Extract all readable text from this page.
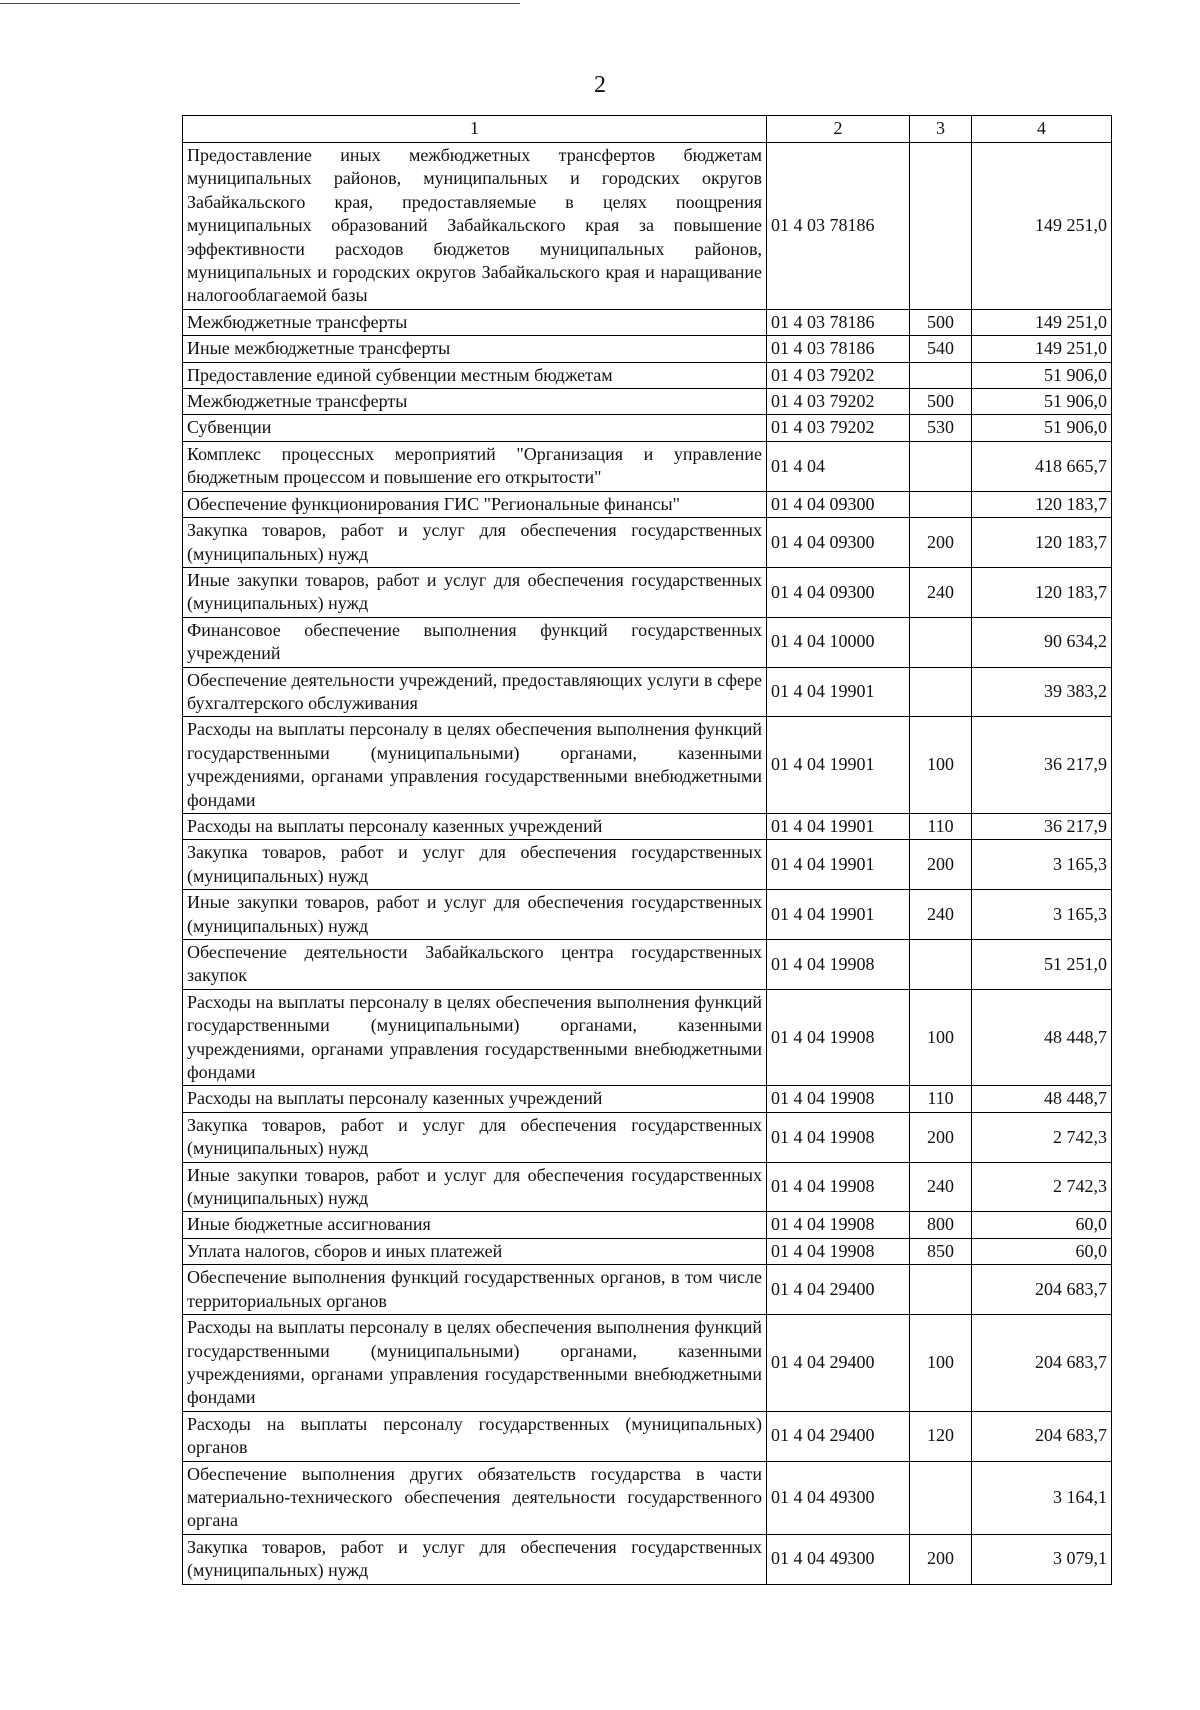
2
1	2	3	4
Предоставление иных межбюджетных трансфертов бюджетам муниципальных районов, муниципальных и городских округов Забайкальского края, предоставляемые в целях поощрения муниципальных образований Забайкальского края за повышение эффективности расходов бюджетов муниципальных районов, муниципальных и городских округов Забайкальского края и наращивание налогооблагаемой базы	01 4 03 78186		149 251,0
Межбюджетные трансферты	01 4 03 78186	500	149 251,0
Иные межбюджетные трансферты	01 4 03 78186	540	149 251,0
Предоставление единой субвенции местным бюджетам	01 4 03 79202		51 906,0
Межбюджетные трансферты	01 4 03 79202	500	51 906,0
Субвенции	01 4 03 79202	530	51 906,0
Комплекс процессных мероприятий "Организация и управление бюджетным процессом и повышение его открытости"	01 4 04		418 665,7
Обеспечение функционирования ГИС "Региональные финансы"	01 4 04 09300		120 183,7
Закупка товаров, работ и услуг для обеспечения государственных (муниципальных) нужд	01 4 04 09300	200	120 183,7
Иные закупки товаров, работ и услуг для обеспечения государственных (муниципальных) нужд	01 4 04 09300	240	120 183,7
Финансовое обеспечение выполнения функций государственных учреждений	01 4 04 10000		90 634,2
Обеспечение деятельности учреждений, предоставляющих услуги в сфере бухгалтерского обслуживания	01 4 04 19901		39 383,2
Расходы на выплаты персоналу в целях обеспечения выполнения функций государственными (муниципальными) органами, казенными учреждениями, органами управления государственными внебюджетными фондами	01 4 04 19901	100	36 217,9
Расходы на выплаты персоналу казенных учреждений	01 4 04 19901	110	36 217,9
Закупка товаров, работ и услуг для обеспечения государственных (муниципальных) нужд	01 4 04 19901	200	3 165,3
Иные закупки товаров, работ и услуг для обеспечения государственных (муниципальных) нужд	01 4 04 19901	240	3 165,3
Обеспечение деятельности Забайкальского центра государственных закупок	01 4 04 19908		51 251,0
Расходы на выплаты персоналу в целях обеспечения выполнения функций государственными (муниципальными) органами, казенными учреждениями, органами управления государственными внебюджетными фондами	01 4 04 19908	100	48 448,7
Расходы на выплаты персоналу казенных учреждений	01 4 04 19908	110	48 448,7
Закупка товаров, работ и услуг для обеспечения государственных (муниципальных) нужд	01 4 04 19908	200	2 742,3
Иные закупки товаров, работ и услуг для обеспечения государственных (муниципальных) нужд	01 4 04 19908	240	2 742,3
Иные бюджетные ассигнования	01 4 04 19908	800	60,0
Уплата налогов, сборов и иных платежей	01 4 04 19908	850	60,0
Обеспечение выполнения функций государственных органов, в том числе территориальных органов	01 4 04 29400		204 683,7
Расходы на выплаты персоналу в целях обеспечения выполнения функций государственными (муниципальными) органами, казенными учреждениями, органами управления государственными внебюджетными фондами	01 4 04 29400	100	204 683,7
Расходы на выплаты персоналу государственных (муниципальных) органов	01 4 04 29400	120	204 683,7
Обеспечение выполнения других обязательств государства в части материально-технического обеспечения деятельности государственного органа	01 4 04 49300		3 164,1
Закупка товаров, работ и услуг для обеспечения государственных (муниципальных) нужд	01 4 04 49300	200	3 079,1
